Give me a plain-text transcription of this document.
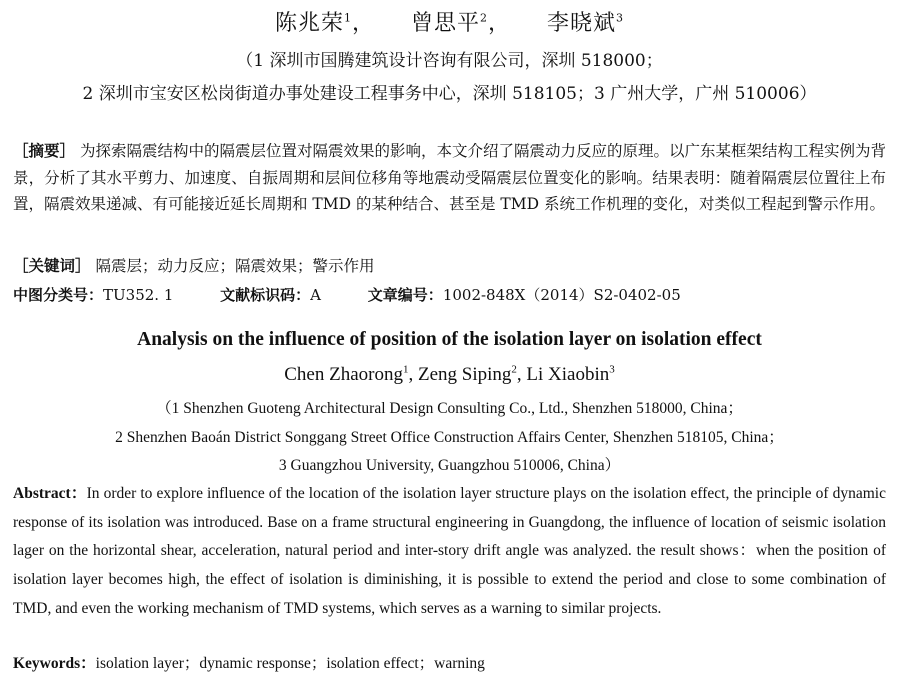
陈兆荣$^1$， 曾思平$^2$， 李晓斌$^3$
（1 深圳市国腾建筑设计咨询有限公司，深圳 518000；
2 深圳市宝安区松岗街道办事处建设工程事务中心，深圳 518105；3 广州大学，广州 510006）
［摘要］ 为探索隔震结构中的隔震层位置对隔震效果的影响，本文介绍了隔震动力反应的原理。以广东某框架结构工程实例为背景，分析了其水平剪力、加速度、自振周期和层间位移角等地震动受隔震层位置变化的影响。结果表明：随着隔震层位置往上布置，隔震效果递减、有可能接近延长周期和 TMD 的某种结合、甚至是 TMD 系统工作机理的变化，对类似工程起到警示作用。
［关键词］ 隔震层；动力反应；隔震效果；警示作用
中图分类号：TU352. 1	文献标识码：A	文章编号：1002-848X（2014）S2-0402-05
Analysis on the influence of position of the isolation layer on isolation effect
Chen Zhaorong$^1$, Zeng Siping$^2$, Li Xiaobin$^3$
（1 Shenzhen Guoteng Architectural Design Consulting Co., Ltd., Shenzhen 518000, China；
2 Shenzhen Baoán District Songgang Street Office Construction Affairs Center, Shenzhen 518105, China；
3 Guangzhou University, Guangzhou 510006, China）
Abstract：In order to explore influence of the location of the isolation layer structure plays on the isolation effect, the principle of dynamic response of its isolation was introduced. Base on a frame structural engineering in Guangdong, the influence of location of seismic isolation lager on the horizontal shear, acceleration, natural period and inter-story drift angle was analyzed. the result shows：when the position of isolation layer becomes high, the effect of isolation is diminishing, it is possible to extend the period and close to some combination of TMD, and even the working mechanism of TMD systems, which serves as a warning to similar projects.
Keywords：isolation layer；dynamic response；isolation effect；warning
